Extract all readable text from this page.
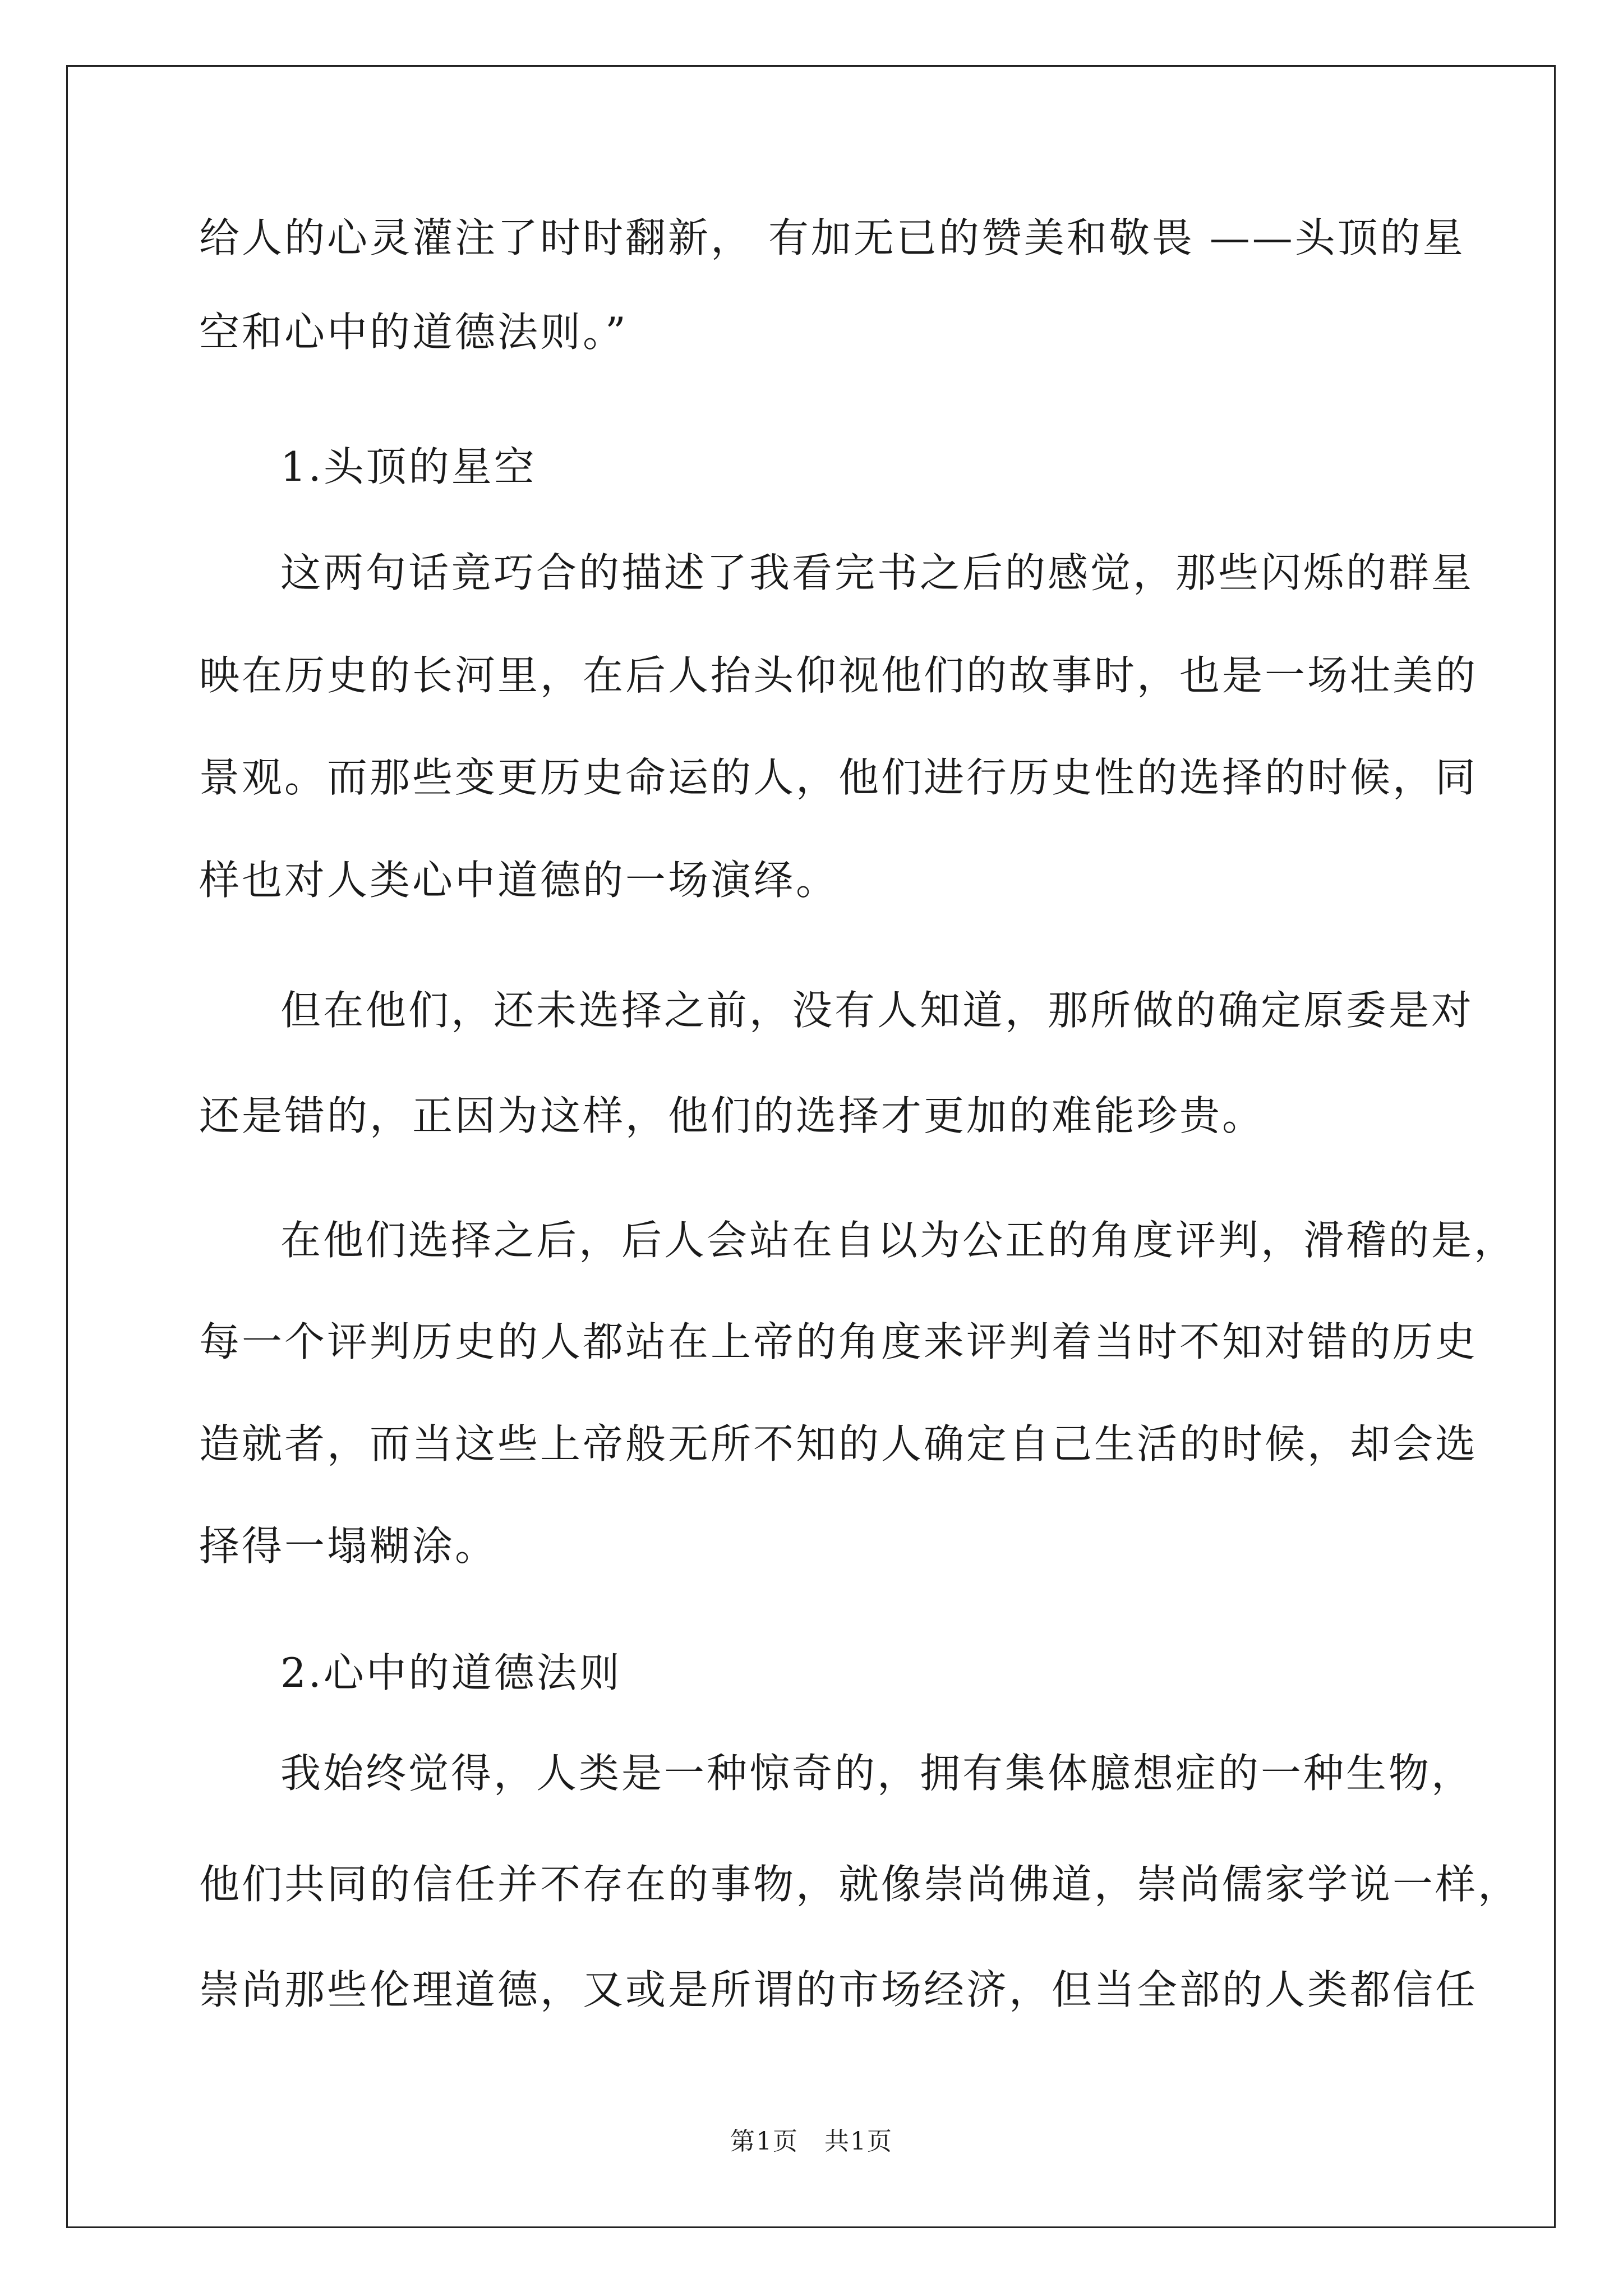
给人的心灵灌注了时时翻新， 有加无已的赞美和敬畏 ——头顶的星
空和心中的道德法则。”
1.头顶的星空
这两句话竟巧合的描述了我看完书之后的感觉，那些闪烁的群星
映在历史的长河里，在后人抬头仰视他们的故事时，也是一场壮美的
景观。而那些变更历史命运的人，他们进行历史性的选择的时候，同
样也对人类心中道德的一场演绎。
但在他们，还未选择之前，没有人知道，那所做的确定原委是对
还是错的，正因为这样，他们的选择才更加的难能珍贵。
在他们选择之后，后人会站在自以为公正的角度评判，滑稽的是，
每一个评判历史的人都站在上帝的角度来评判着当时不知对错的历史
造就者，而当这些上帝般无所不知的人确定自己生活的时候，却会选
择得一塌糊涂。
2.心中的道德法则
我始终觉得，人类是一种惊奇的，拥有集体臆想症的一种生物，
他们共同的信任并不存在的事物，就像崇尚佛道，崇尚儒家学说一样，
崇尚那些伦理道德，又或是所谓的市场经济，但当全部的人类都信任
第1页　共1页
